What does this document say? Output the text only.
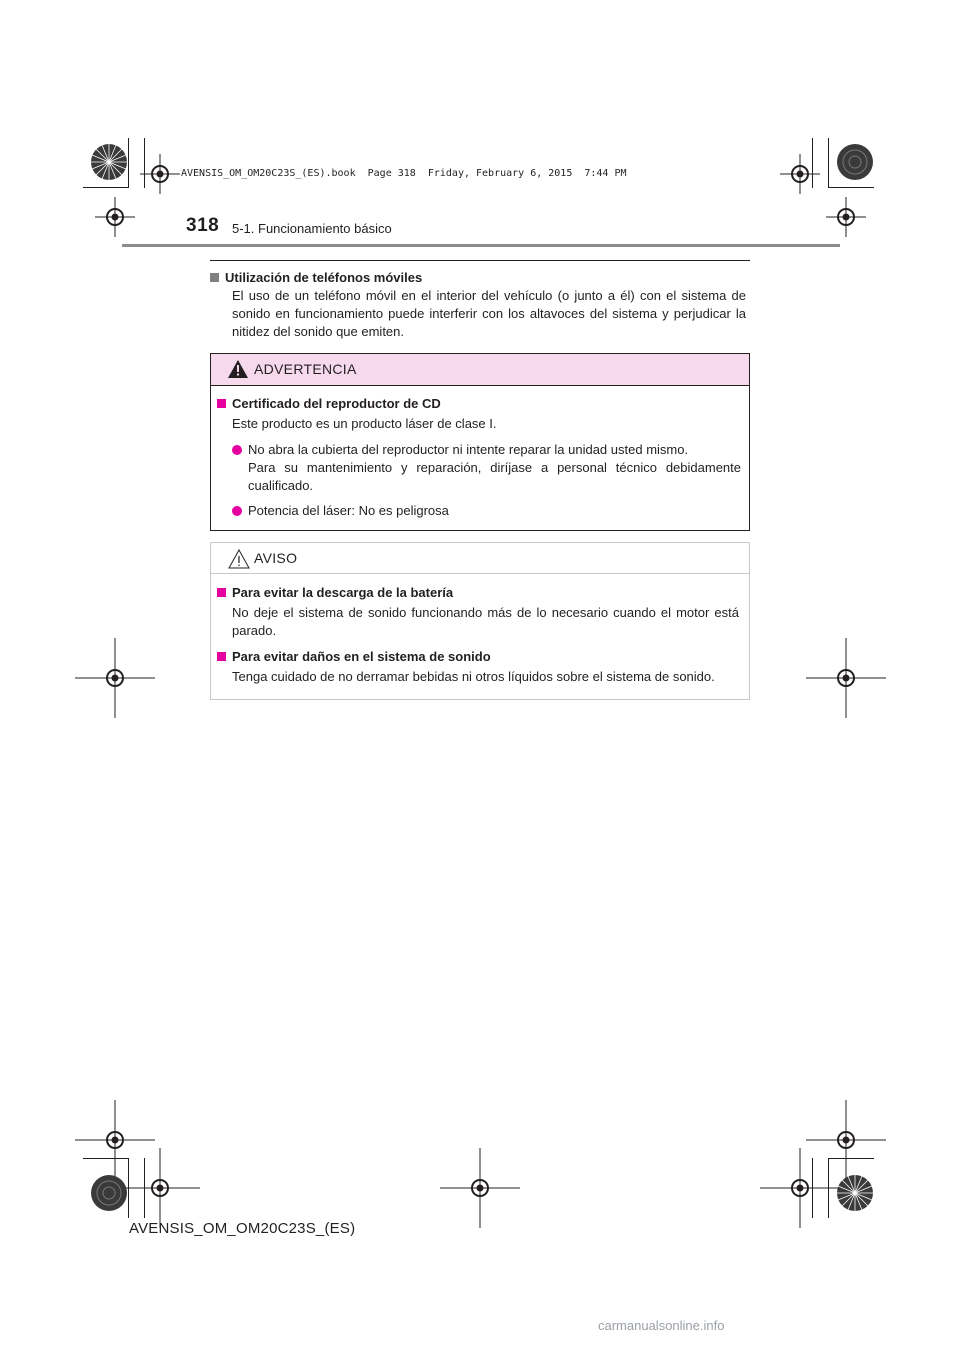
AVENSIS_OM_OM20C23S_(ES).book  Page 318  Friday, February 6, 2015  7:44 PM
318 5-1. Funcionamiento básico
Utilización de teléfonos móviles
El uso de un teléfono móvil en el interior del vehículo (o junto a él) con el sistema de sonido en funcionamiento puede interferir con los altavoces del sistema y perjudicar la nitidez del sonido que emiten.
ADVERTENCIA
Certificado del reproductor de CD
Este producto es un producto láser de clase I.
No abra la cubierta del reproductor ni intente reparar la unidad usted mismo.
Para su mantenimiento y reparación, diríjase a personal técnico debidamente cualificado.
Potencia del láser: No es peligrosa
AVISO
Para evitar la descarga de la batería
No deje el sistema de sonido funcionando más de lo necesario cuando el motor está parado.
Para evitar daños en el sistema de sonido
Tenga cuidado de no derramar bebidas ni otros líquidos sobre el sistema de sonido.
AVENSIS_OM_OM20C23S_(ES)
carmanualsonline.info
